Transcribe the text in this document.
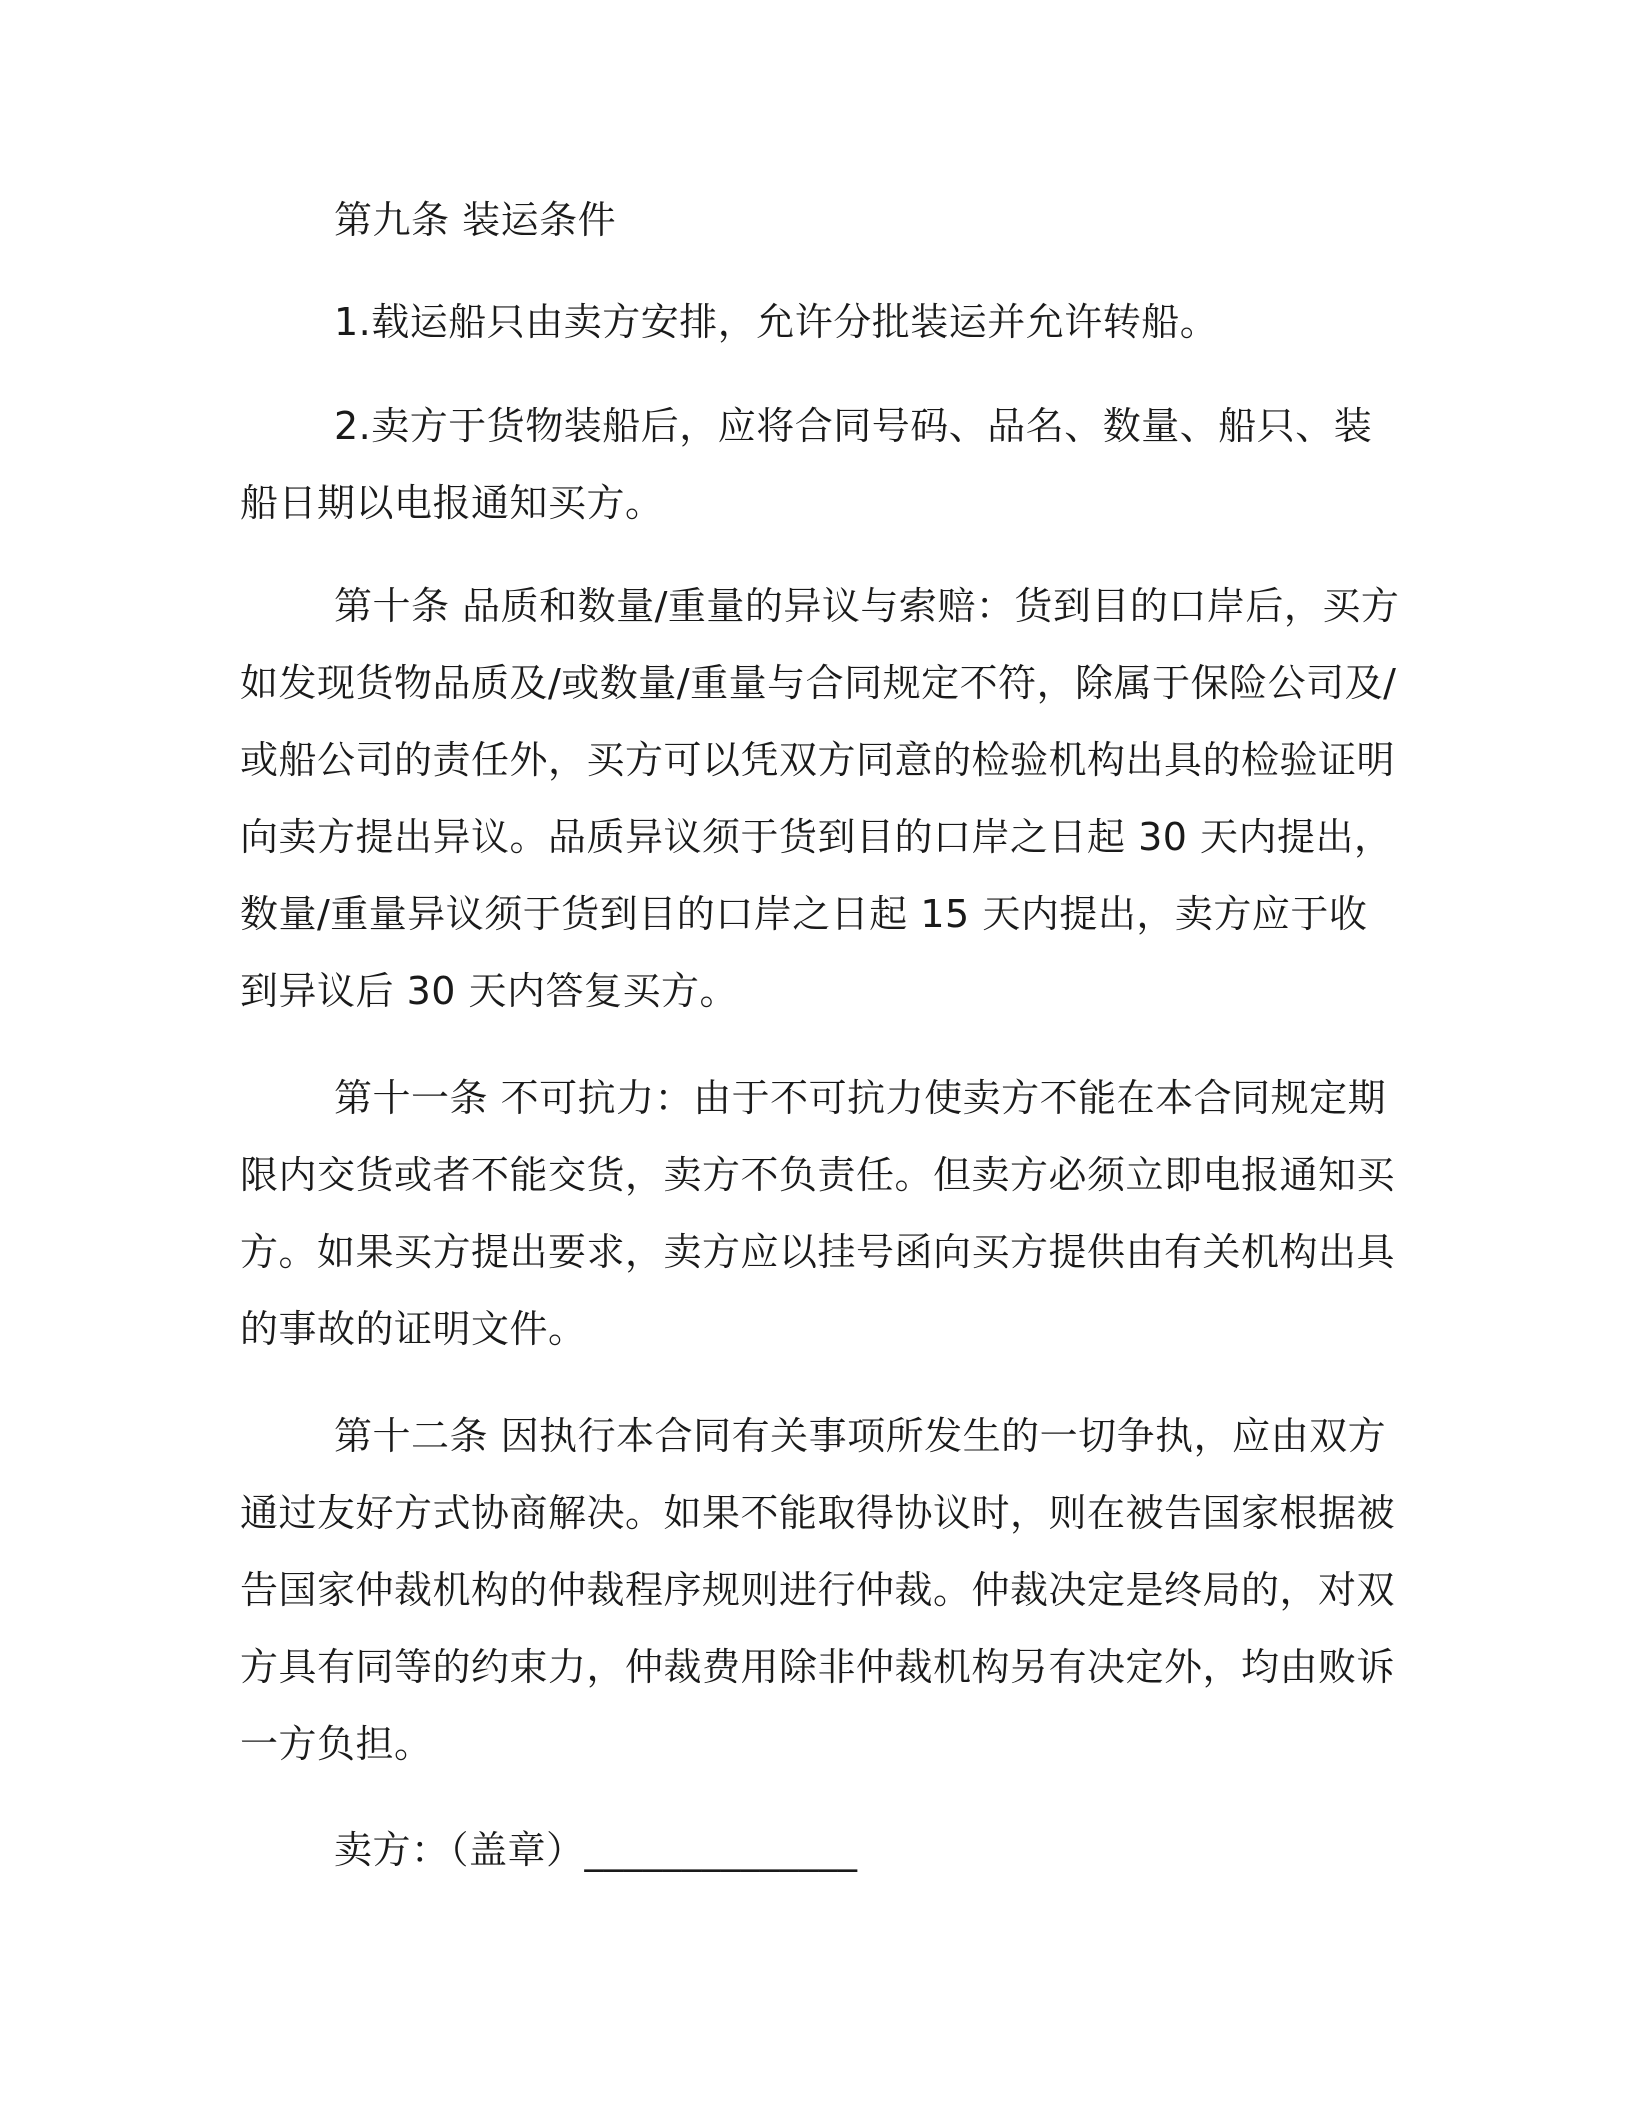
第九条 装运条件

1.载运船只由卖方安排，允许分批装运并允许转船。

2.卖方于货物装船后，应将合同号码、品名、数量、船只、装船日期以电报通知买方。

第十条 品质和数量/重量的异议与索赔：货到目的口岸后，买方如发现货物品质及/或数量/重量与合同规定不符，除属于保险公司及/或船公司的责任外，买方可以凭双方同意的检验机构出具的检验证明向卖方提出异议。品质异议须于货到目的口岸之日起 30 天内提出，数量/重量异议须于货到目的口岸之日起 15 天内提出，卖方应于收到异议后 30 天内答复买方。

第十一条 不可抗力：由于不可抗力使卖方不能在本合同规定期限内交货或者不能交货，卖方不负责任。但卖方必须立即电报通知买方。如果买方提出要求，卖方应以挂号函向买方提供由有关机构出具的事故的证明文件。

第十二条 因执行本合同有关事项所发生的一切争执，应由双方通过友好方式协商解决。如果不能取得协议时，则在被告国家根据被告国家仲裁机构的仲裁程序规则进行仲裁。仲裁决定是终局的，对双方具有同等的约束力，仲裁费用除非仲裁机构另有决定外，均由败诉一方负担。

卖方：（盖章）______________
